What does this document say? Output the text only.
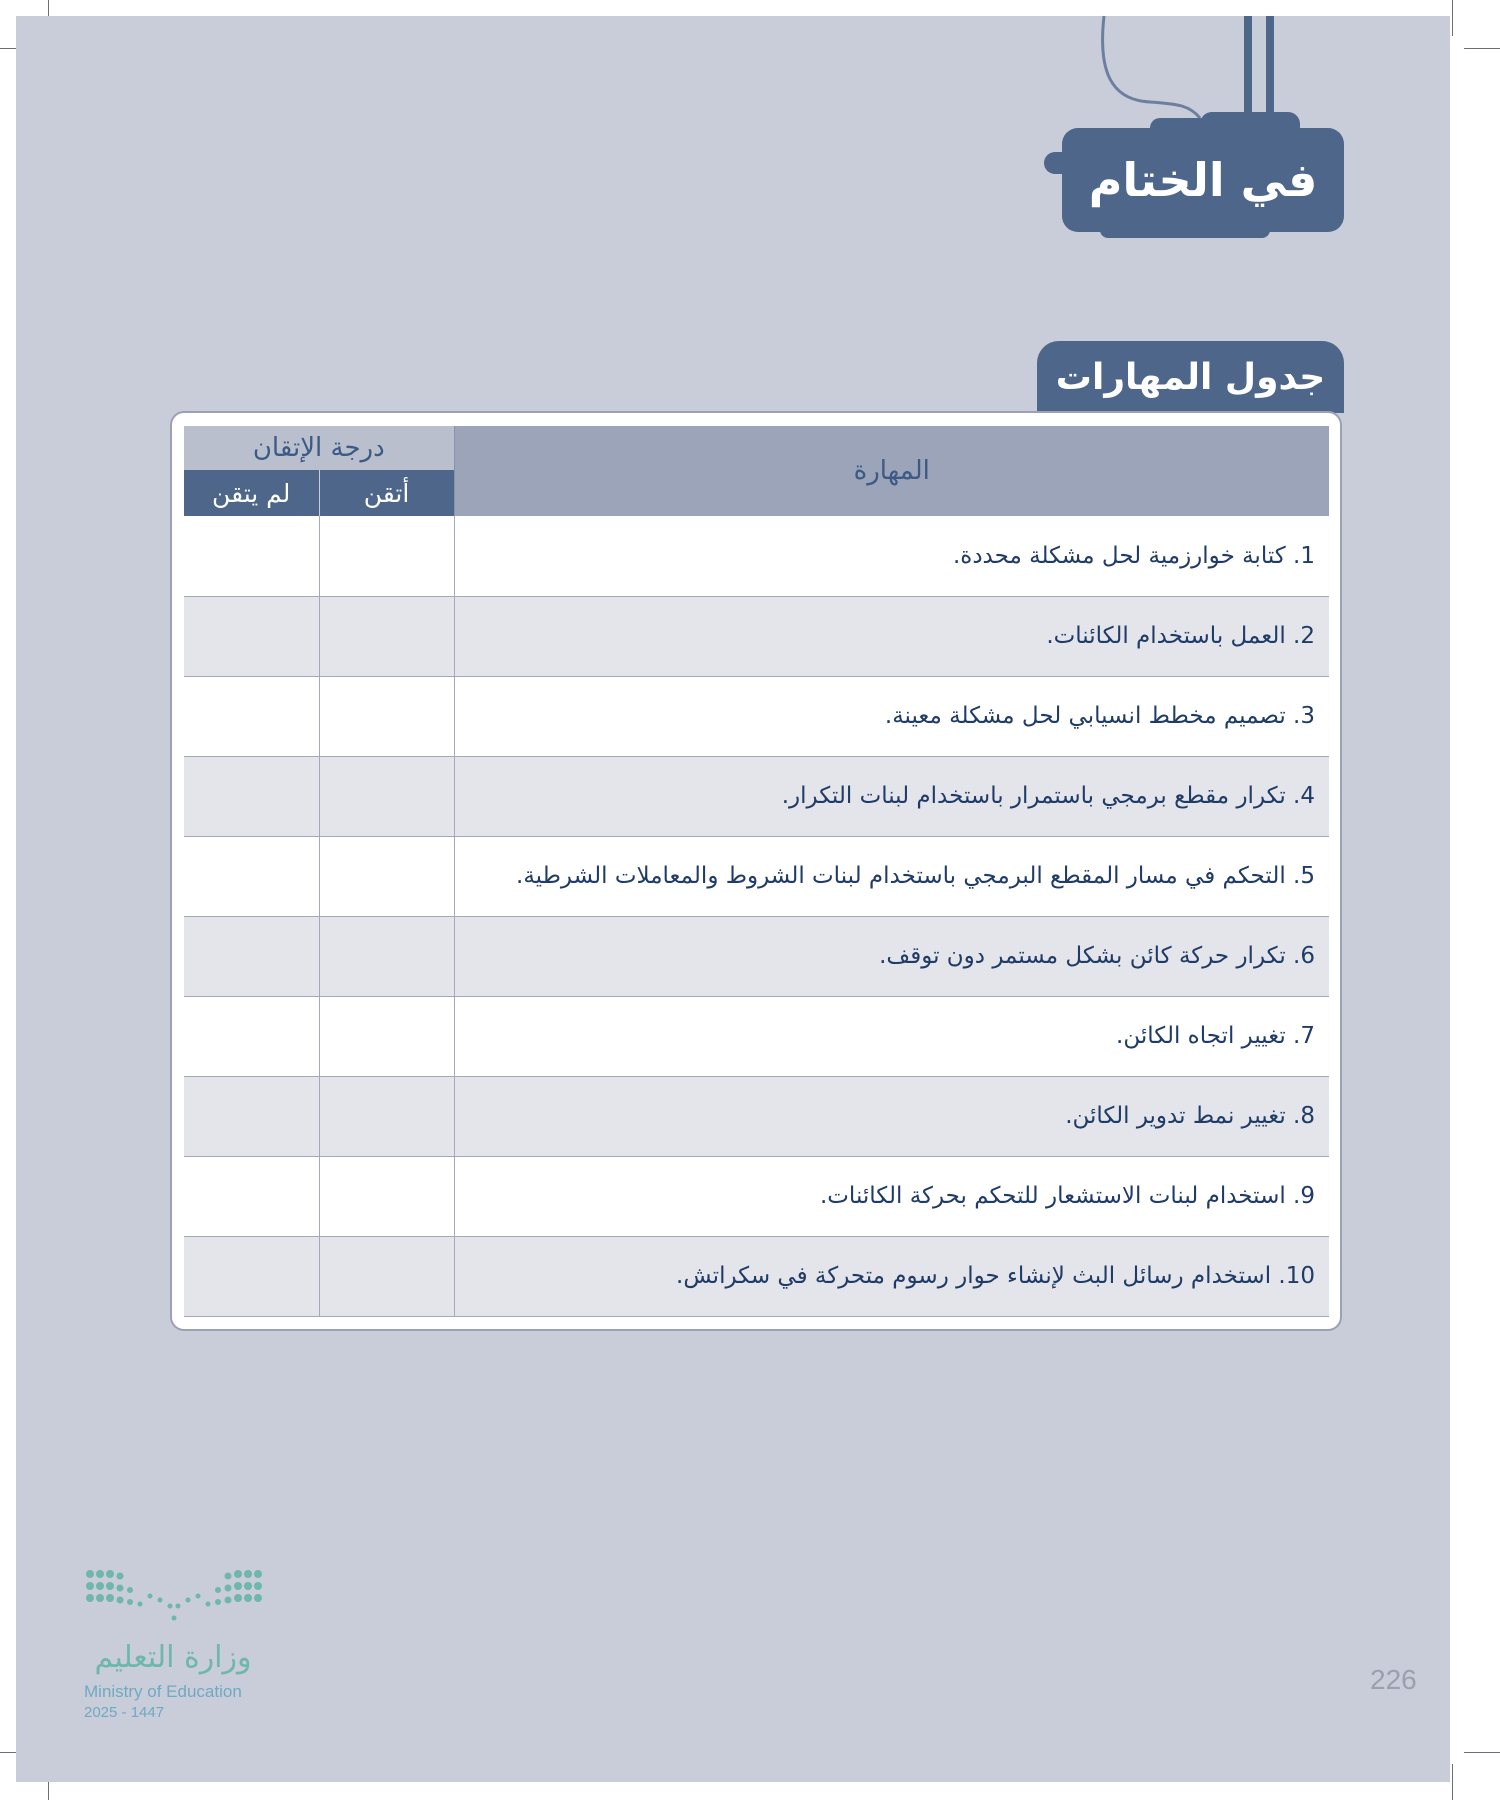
في الختام
جدول المهارات
المهارة	درجة الإتقان	
	أتقن	لم يتقن
1. كتابة خوارزمية لحل مشكلة محددة.		
2. العمل باستخدام الكائنات.		
3. تصميم مخطط انسيابي لحل مشكلة معينة.		
4. تكرار مقطع برمجي باستمرار باستخدام لبنات التكرار.		
5. التحكم في مسار المقطع البرمجي باستخدام لبنات الشروط والمعاملات الشرطية.		
6. تكرار حركة كائن بشكل مستمر دون توقف.		
7. تغيير اتجاه الكائن.		
8. تغيير نمط تدوير الكائن.		
9. استخدام لبنات الاستشعار للتحكم بحركة الكائنات.		
10. استخدام رسائل البث لإنشاء حوار رسوم متحركة في سكراتش.		
وزارة التعليم
Ministry of Education
2025 - 1447
226
